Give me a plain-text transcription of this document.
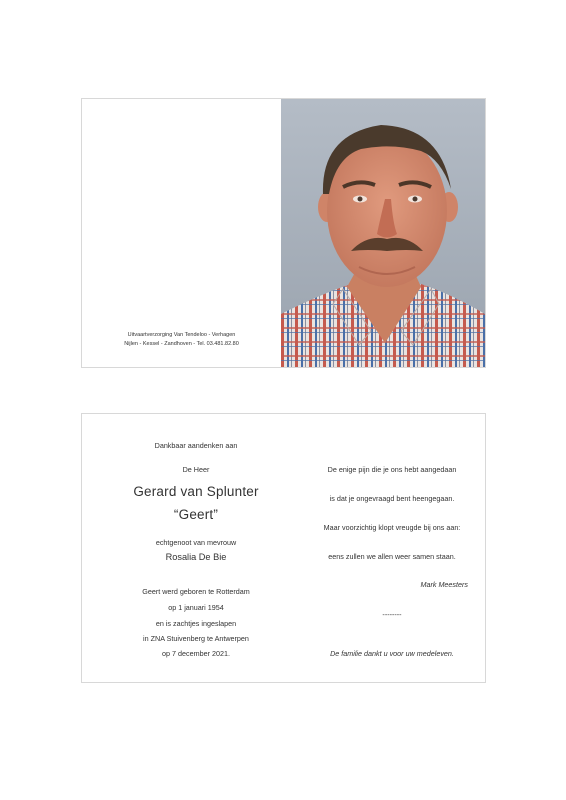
Uitvaartverzorging Van Tendeloo - Verhagen
Nijlen - Kessel - Zandhoven - Tel. 03.481.82.80
Dankbaar aandenken aan
De Heer
Gerard van Splunter
“Geert”
echtgenoot van mevrouw
Rosalia De Bie
Geert werd geboren te Rotterdam
op 1 januari 1954
en is zachtjes ingeslapen
in ZNA Stuivenberg te Antwerpen
op 7 december 2021.
De enige pijn die je ons hebt aangedaan
is dat je ongevraagd bent heengegaan.
Maar voorzichtig klopt vreugde bij ons aan:
eens zullen we allen weer samen staan.
Mark Meesters
--------
De familie dankt u voor uw medeleven.
